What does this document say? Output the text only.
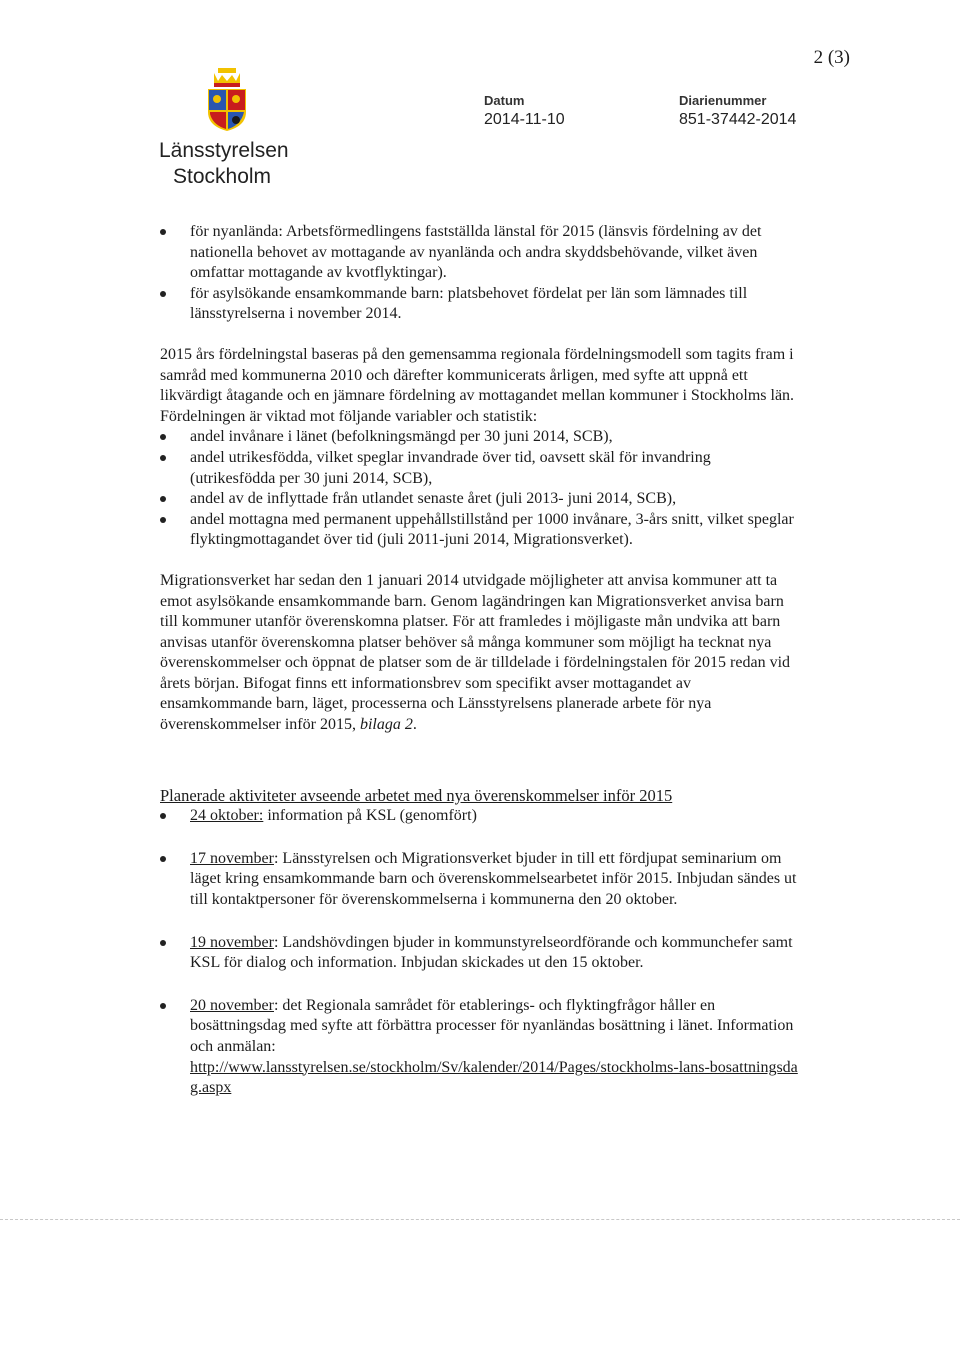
2 (3)
Länsstyrelsen
Stockholm
Datum
2014-11-10
Diarienummer
851-37442-2014
för nyanlända: Arbetsförmedlingens fastställda länstal för 2015 (länsvis fördelning av det nationella behovet av mottagande av nyanlända och andra skyddsbehövande, vilket även omfattar mottagande av kvotflyktingar).
för asylsökande ensamkommande barn: platsbehovet fördelat per län som lämnades till länsstyrelserna i november 2014.

2015 års fördelningstal baseras på den gemensamma regionala fördelningsmodell som tagits fram i samråd med kommunerna 2010 och därefter kommunicerats årligen, med syfte att uppnå ett likvärdigt åtagande och en jämnare fördelning av mottagandet mellan kommuner i Stockholms län. Fördelningen är viktad mot följande variabler och statistik:

andel invånare i länet (befolkningsmängd per 30 juni 2014, SCB),
andel utrikesfödda, vilket speglar invandrade över tid, oavsett skäl för invandring (utrikesfödda per 30 juni 2014, SCB),
andel av de inflyttade från utlandet senaste året (juli 2013- juni 2014, SCB),
andel mottagna med permanent uppehållstillstånd per 1000 invånare, 3-års snitt, vilket speglar flyktingmottagandet över tid (juli 2011-juni 2014, Migrationsverket).

Migrationsverket har sedan den 1 januari 2014 utvidgade möjligheter att anvisa kommuner att ta emot asylsökande ensamkommande barn. Genom lagändringen kan Migrationsverket anvisa barn till kommuner utanför överenskomna platser. För att framledes i möjligaste mån undvika att barn anvisas utanför överenskomna platser behöver så många kommuner som möjligt ha tecknat nya överenskommelser och öppnat de platser som de är tilldelade i fördelningstalen för 2015 redan vid årets början. Bifogat finns ett informationsbrev som specifikt avser mottagandet av ensamkommande barn, läget, processerna och Länsstyrelsens planerade arbete för nya överenskommelser inför 2015, bilaga 2.

Planerade aktiviteter avseende arbetet med nya överenskommelser inför 2015

24 oktober: information på KSL (genomfört)
17 november: Länsstyrelsen och Migrationsverket bjuder in till ett fördjupat seminarium om läget kring ensamkommande barn och överenskommelsearbetet inför 2015. Inbjudan sändes ut till kontaktpersoner för överenskommelserna i kommunerna den 20 oktober.
19 november: Landshövdingen bjuder in kommunstyrelseordförande och kommunchefer samt KSL för dialog och information. Inbjudan skickades ut den 15 oktober.
20 november: det Regionala samrådet för etablerings- och flyktingfrågor håller en bosättningsdag med syfte att förbättra processer för nyanländas bosättning i länet. Information och anmälan:
http://www.lansstyrelsen.se/stockholm/Sv/kalender/2014/Pages/stockholms-lans-bosattningsdag.aspx
